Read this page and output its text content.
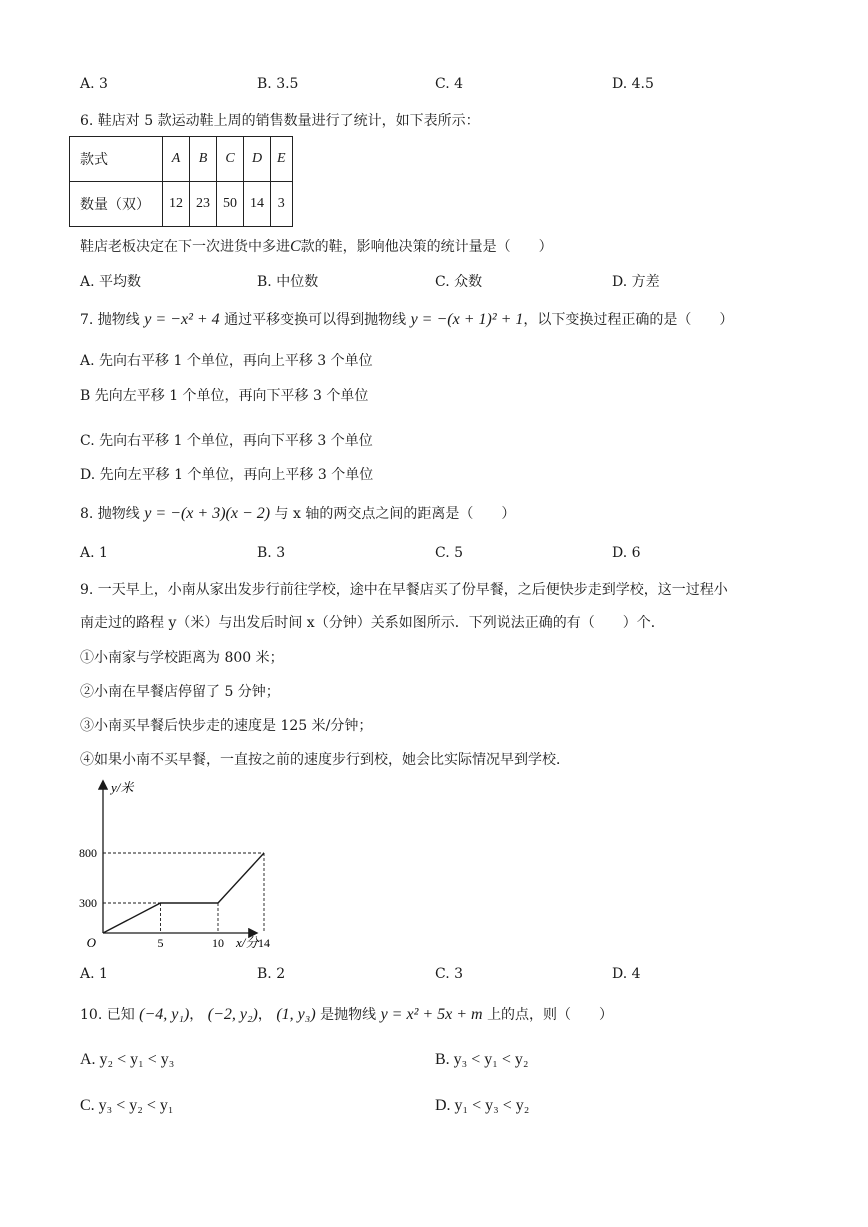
A. 3	B. 3.5	C. 4	D. 4.5
6. 鞋店对 5 款运动鞋上周的销售数量进行了统计，如下表所示：
款式	A	B	C	D	E
数量（双）	12	23	50	14	3
鞋店老板决定在下一次进货中多进C款的鞋，影响他决策的统计量是（　　）
A. 平均数	B. 中位数	C. 众数	D. 方差
7. 抛物线 y = −x² + 4 通过平移变换可以得到抛物线 y = −(x + 1)² + 1，以下变换过程正确的是（　　）
A. 先向右平移 1 个单位，再向上平移 3 个单位
B 先向左平移 1 个单位，再向下平移 3 个单位
C. 先向右平移 1 个单位，再向下平移 3 个单位
D. 先向左平移 1 个单位，再向上平移 3 个单位
8. 抛物线 y = −(x + 3)(x − 2) 与 x 轴的两交点之间的距离是（　　）
A. 1	B. 3	C. 5	D. 6
9. 一天早上，小南从家出发步行前往学校，途中在早餐店买了份早餐，之后便快步走到学校，这一过程小
南走过的路程 y（米）与出发后时间 x（分钟）关系如图所示．下列说法正确的有（　　）个．
①小南家与学校距离为 800 米；
②小南在早餐店停留了 5 分钟；
③小南买早餐后快步走的速度是 125 米/分钟；
④如果小南不买早餐，一直按之前的速度步行到校，她会比实际情况早到学校．
5	10	14
300
800
O
y/米
x/分
A. 1	B. 2	C. 3	D. 4
10. 已知 (−4, y₁)， (−2, y₂)， (1, y₃) 是抛物线 y = x² + 5x + m 上的点，则（　　）
A. y₂ < y₁ < y₃	B. y₃ < y₁ < y₂
C. y₃ < y₂ < y₁	D. y₁ < y₃ < y₂
